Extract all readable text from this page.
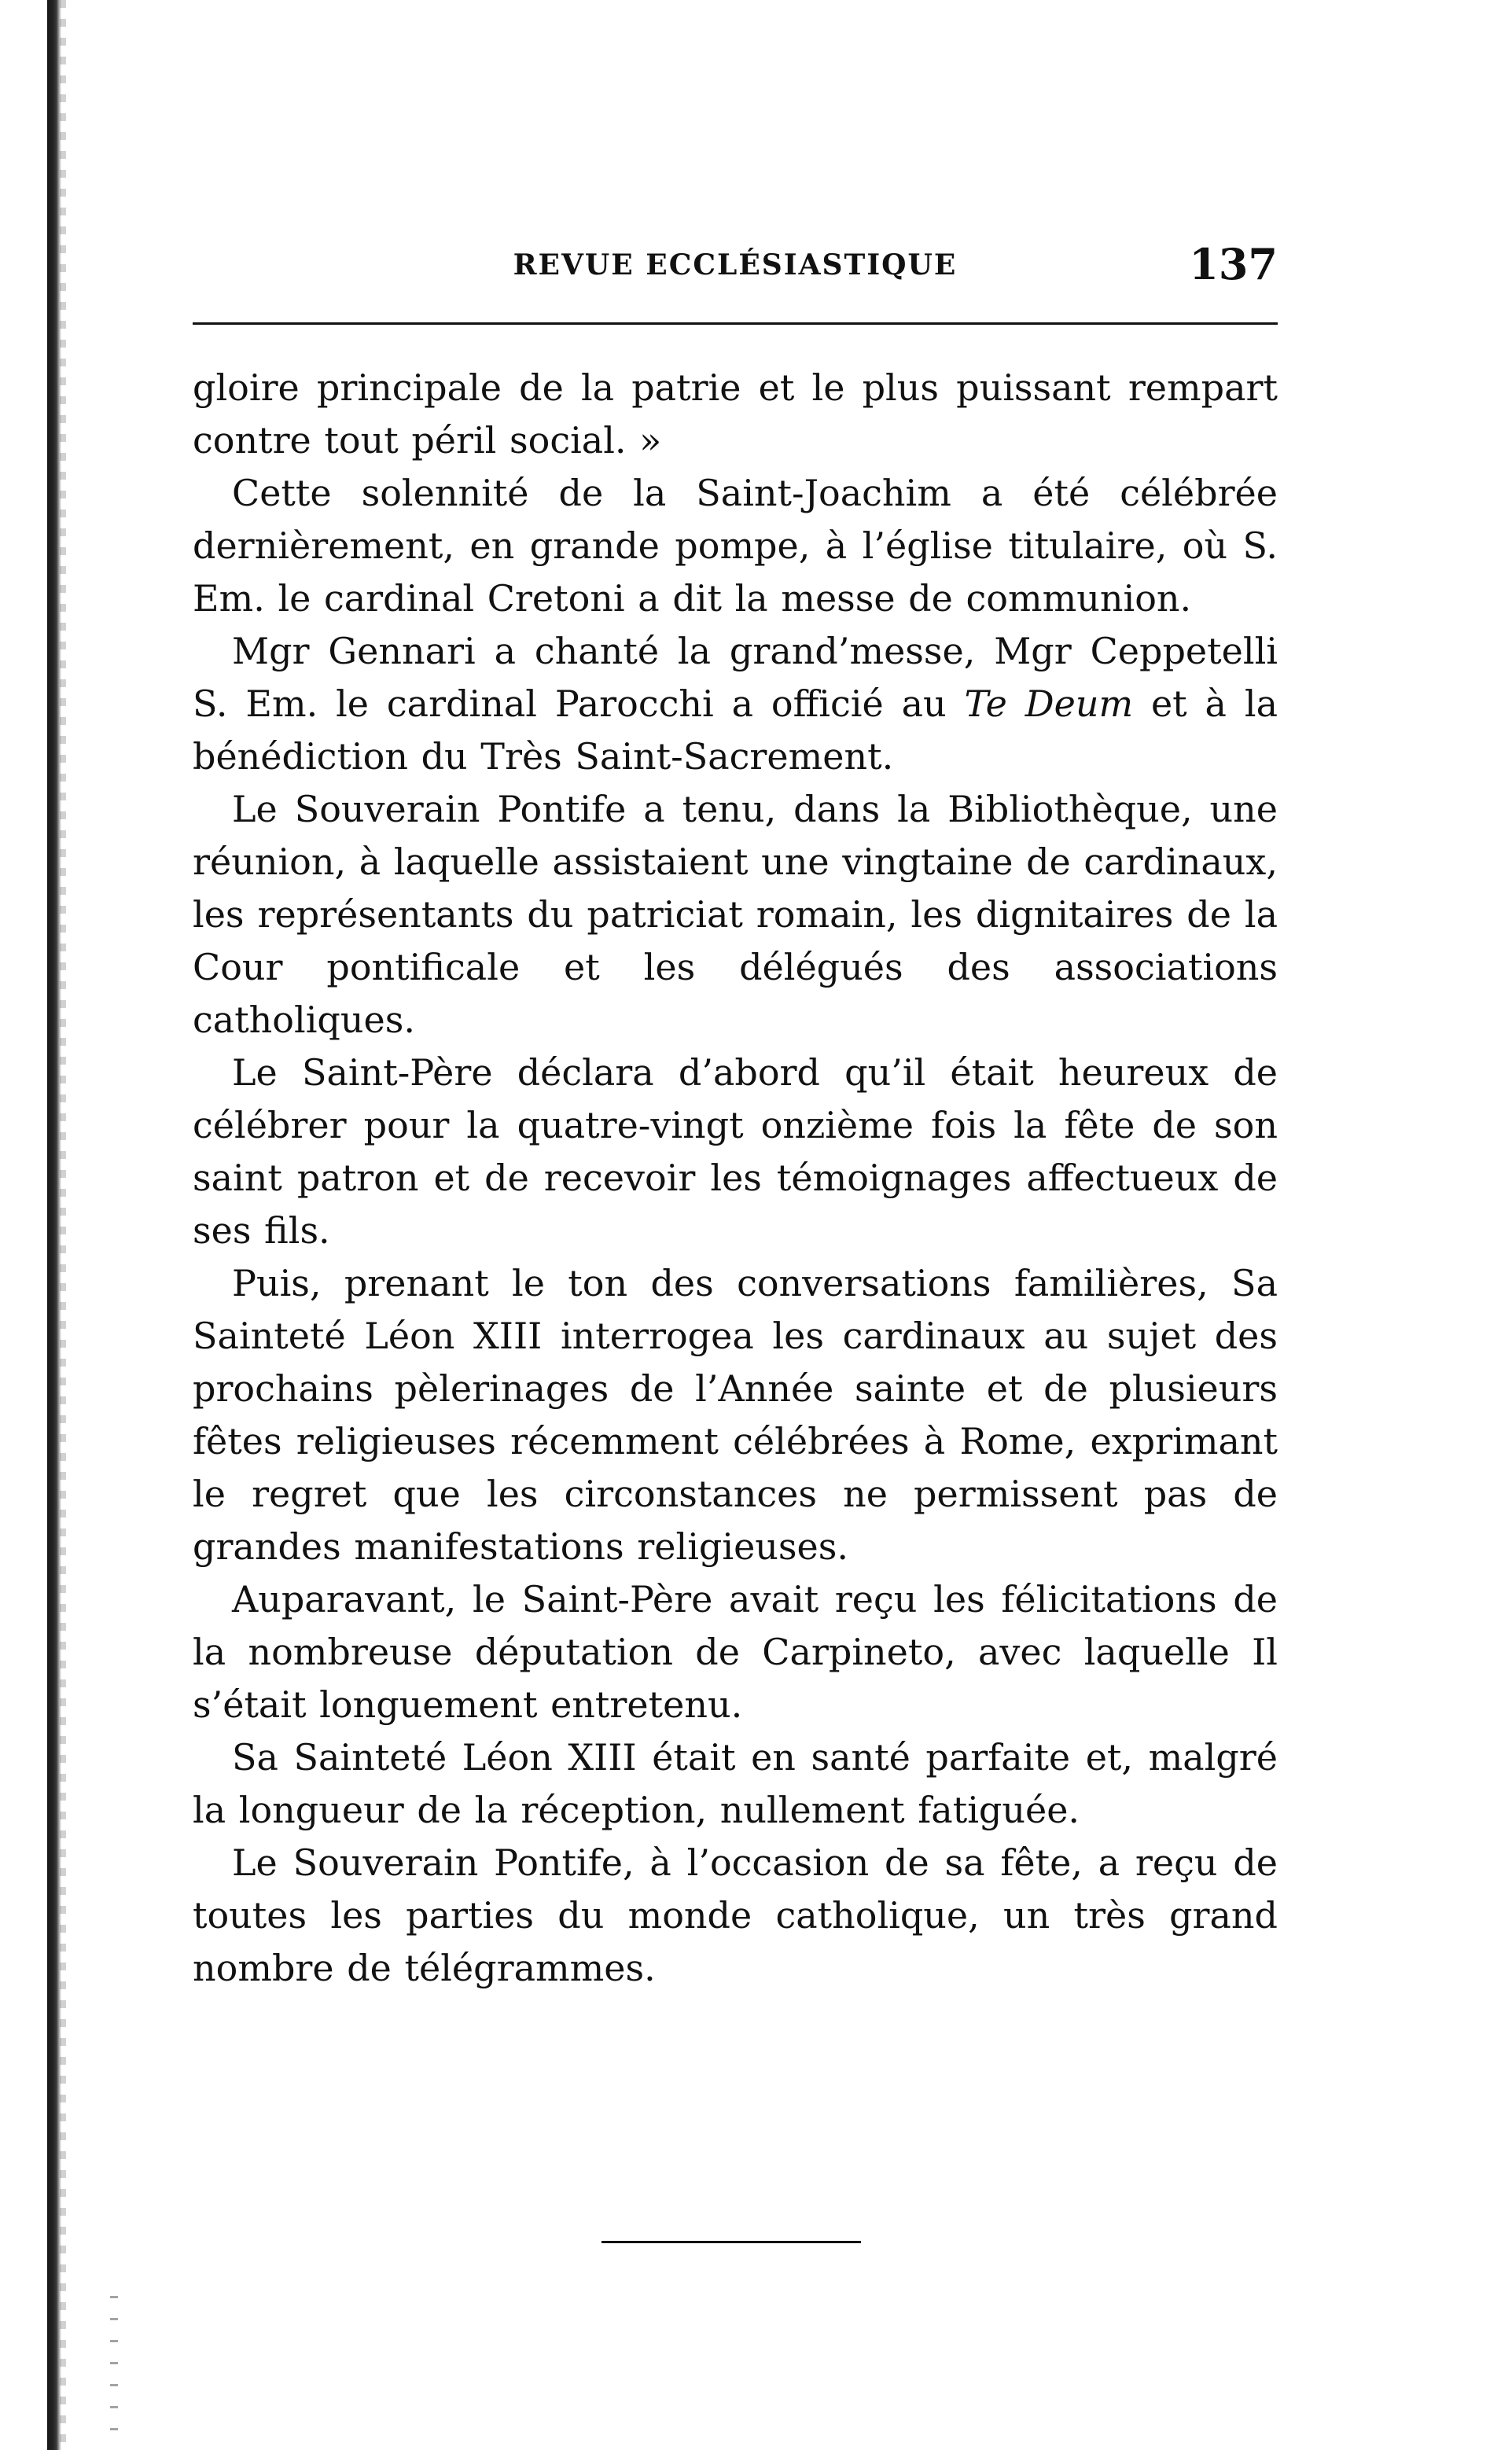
REVUE ECCLÉSIASTIQUE	137

gloire principale de la patrie et le plus puissant rempart contre tout péril social. »

Cette solennité de la Saint-Joachim a été célébrée dernièrement, en grande pompe, à l’église titulaire, où S. Em. le cardinal Cretoni a dit la messe de communion.

Mgr Gennari a chanté la grand’messe, Mgr Ceppetelli S. Em. le cardinal Parocchi a officié au Te Deum et à la bénédiction du Très Saint-Sacrement.

Le Souverain Pontife a tenu, dans la Bibliothèque, une réunion, à laquelle assistaient une vingtaine de cardinaux, les représentants du patriciat romain, les dignitaires de la Cour pontificale et les délégués des associations catholiques.

Le Saint-Père déclara d’abord qu’il était heureux de célébrer pour la quatre-vingt onzième fois la fête de son saint patron et de recevoir les témoignages affectueux de ses fils.

Puis, prenant le ton des conversations familières, Sa Sainteté Léon XIII interrogea les cardinaux au sujet des prochains pèlerinages de l’Année sainte et de plusieurs fêtes religieuses récemment célébrées à Rome, exprimant le regret que les circonstances ne permissent pas de grandes manifestations religieuses.

Auparavant, le Saint-Père avait reçu les félicitations de la nombreuse députation de Carpineto, avec laquelle Il s’était longuement entretenu.

Sa Sainteté Léon XIII était en santé parfaite et, malgré la longueur de la réception, nullement fatiguée.

Le Souverain Pontife, à l’occasion de sa fête, a reçu de toutes les parties du monde catholique, un très grand nombre de télégrammes.
